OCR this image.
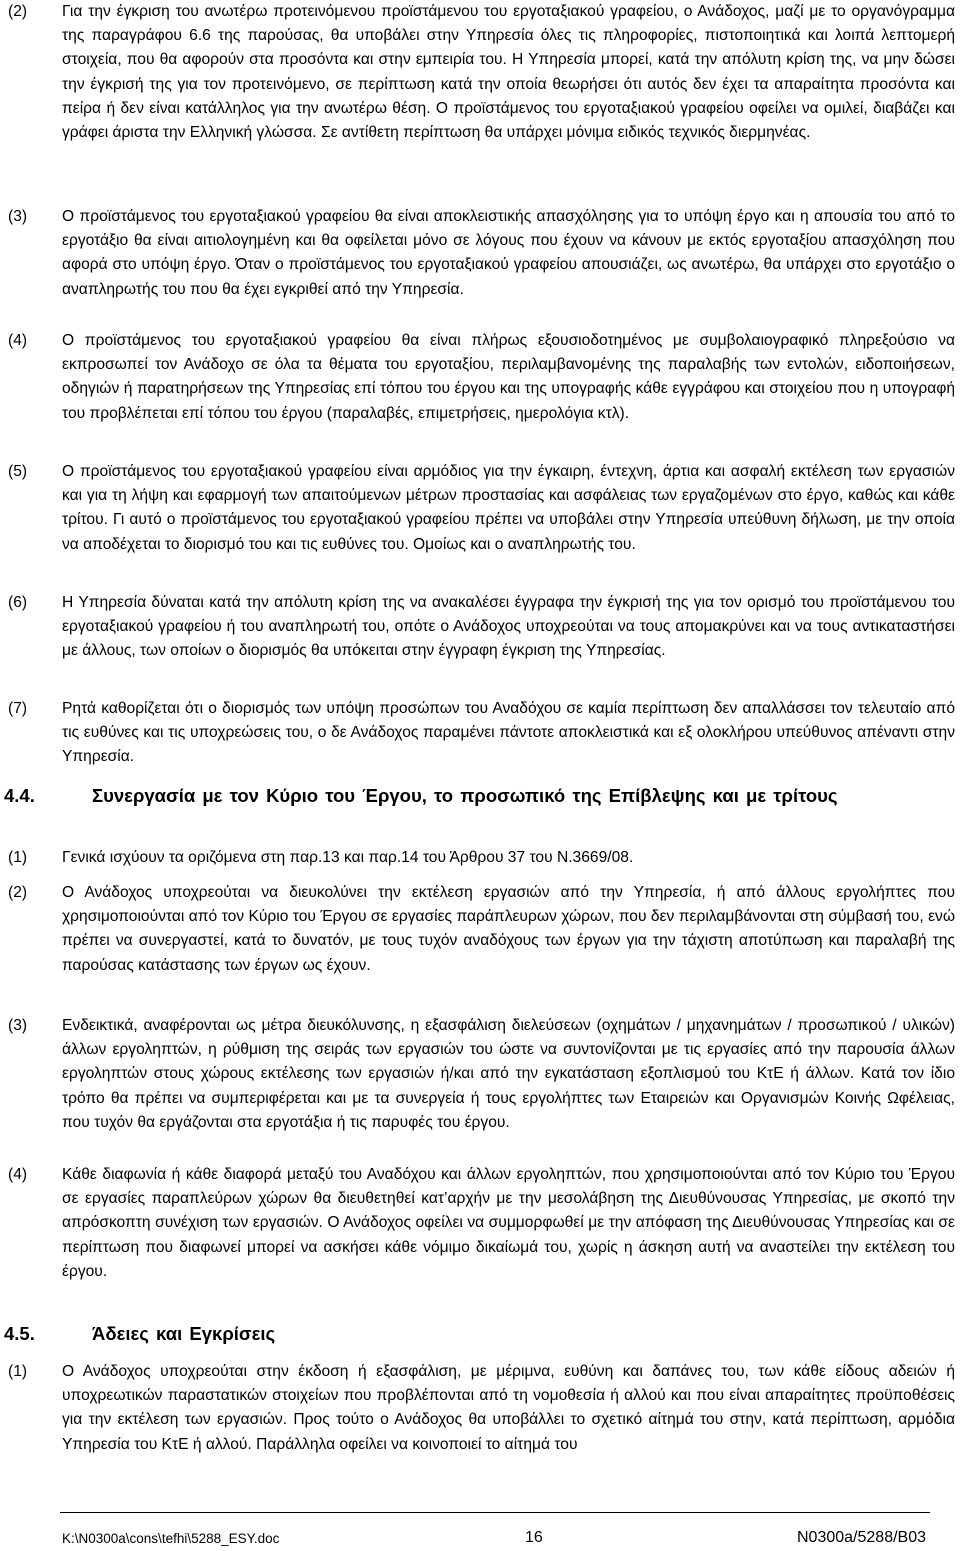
(2) Για την έγκριση του ανωτέρω προτεινόμενου προϊστάμενου του εργοταξιακού γραφείου, ο Ανάδοχος, μαζί με το οργανόγραμμα της παραγράφου 6.6 της παρούσας, θα υποβάλει στην Υπηρεσία όλες τις πληροφορίες, πιστοποιητικά και λοιπά λεπτομερή στοιχεία, που θα αφορούν στα προσόντα και στην εμπειρία του. Η Υπηρεσία μπορεί, κατά την απόλυτη κρίση της, να μην δώσει την έγκρισή της για τον προτεινόμενο, σε περίπτωση κατά την οποία θεωρήσει ότι αυτός δεν έχει τα απαραίτητα προσόντα και πείρα ή δεν είναι κατάλληλος για την ανωτέρω θέση. Ο προϊστάμενος του εργοταξιακού γραφείου οφείλει να ομιλεί, διαβάζει και γράφει άριστα την Ελληνική γλώσσα. Σε αντίθετη περίπτωση θα υπάρχει μόνιμα ειδικός τεχνικός διερμηνέας.
(3) Ο προϊστάμενος του εργοταξιακού γραφείου θα είναι αποκλειστικής απασχόλησης για το υπόψη έργο και η απουσία του από το εργοτάξιο θα είναι αιτιολογημένη και θα οφείλεται μόνο σε λόγους που έχουν να κάνουν με εκτός εργοταξίου απασχόληση που αφορά στο υπόψη έργο. Όταν ο προϊστάμενος του εργοταξιακού γραφείου απουσιάζει, ως ανωτέρω, θα υπάρχει στο εργοτάξιο ο αναπληρωτής του που θα έχει εγκριθεί από την Υπηρεσία.
(4) Ο προϊστάμενος του εργοταξιακού γραφείου θα είναι πλήρως εξουσιοδοτημένος με συμβολαιογραφικό πληρεξούσιο να εκπροσωπεί τον Ανάδοχο σε όλα τα θέματα του εργοταξίου, περιλαμβανομένης της παραλαβής των εντολών, ειδοποιήσεων, οδηγιών ή παρατηρήσεων της Υπηρεσίας επί τόπου του έργου και της υπογραφής κάθε εγγράφου και στοιχείου που η υπογραφή του προβλέπεται επί τόπου του έργου (παραλαβές, επιμετρήσεις, ημερολόγια κτλ).
(5) Ο προϊστάμενος του εργοταξιακού γραφείου είναι αρμόδιος για την έγκαιρη, έντεχνη, άρτια και ασφαλή εκτέλεση των εργασιών και για τη λήψη και εφαρμογή των απαιτούμενων μέτρων προστασίας και ασφάλειας των εργαζομένων στο έργο, καθώς και κάθε τρίτου. Γι αυτό ο προϊστάμενος του εργοταξιακού γραφείου πρέπει να υποβάλει στην Υπηρεσία υπεύθυνη δήλωση, με την οποία να αποδέχεται το διορισμό του και τις ευθύνες του. Ομοίως και ο αναπληρωτής του.
(6) Η Υπηρεσία δύναται κατά την απόλυτη κρίση της να ανακαλέσει έγγραφα την έγκρισή της για τον ορισμό του προϊστάμενου του εργοταξιακού γραφείου ή του αναπληρωτή του, οπότε ο Ανάδοχος υποχρεούται να τους απομακρύνει και να τους αντικαταστήσει με άλλους, των οποίων ο διορισμός θα υπόκειται στην έγγραφη έγκριση της Υπηρεσίας.
(7) Ρητά καθορίζεται ότι ο διορισμός των υπόψη προσώπων του Αναδόχου σε καμία περίπτωση δεν απαλλάσσει τον τελευταίο από τις ευθύνες και τις υποχρεώσεις του, ο δε Ανάδοχος παραμένει πάντοτε αποκλειστικά και εξ ολοκλήρου υπεύθυνος απέναντι στην Υπηρεσία.
4.4.	Συνεργασία με τον Κύριο του Έργου, το προσωπικό της Επίβλεψης και με τρίτους
(1) Γενικά ισχύουν τα οριζόμενα στη παρ.13 και παρ.14 του Άρθρου 37 του Ν.3669/08.
(2) Ο Ανάδοχος υποχρεούται να διευκολύνει την εκτέλεση εργασιών από την Υπηρεσία, ή από άλλους εργολήπτες που χρησιμοποιούνται από τον Κύριο του Έργου σε εργασίες παράπλευρων χώρων, που δεν περιλαμβάνονται στη σύμβασή του, ενώ πρέπει να συνεργαστεί, κατά το δυνατόν, με τους τυχόν αναδόχους των έργων για την τάχιστη αποτύπωση και παραλαβή της παρούσας κατάστασης των έργων ως έχουν.
(3) Ενδεικτικά, αναφέρονται ως μέτρα διευκόλυνσης, η εξασφάλιση διελεύσεων (οχημάτων / μηχανημάτων / προσωπικού / υλικών) άλλων εργοληπτών, η ρύθμιση της σειράς των εργασιών του ώστε να συντονίζονται με τις εργασίες από την παρουσία άλλων εργοληπτών στους χώρους εκτέλεσης των εργασιών ή/και από την εγκατάσταση εξοπλισμού του ΚτΕ ή άλλων. Κατά τον ίδιο τρόπο θα πρέπει να συμπεριφέρεται και με τα συνεργεία ή τους εργολήπτες των Εταιρειών και Οργανισμών Κοινής Ωφέλειας, που τυχόν θα εργάζονται στα εργοτάξια ή τις παρυφές του έργου.
(4) Κάθε διαφωνία ή κάθε διαφορά μεταξύ του Αναδόχου και άλλων εργοληπτών, που χρησιμοποιούνται από τον Κύριο του Έργου σε εργασίες παραπλεύρων χώρων θα διευθετηθεί κατ’αρχήν με την μεσολάβηση της Διευθύνουσας Υπηρεσίας, με σκοπό την απρόσκοπτη συνέχιση των εργασιών. Ο Ανάδοχος οφείλει να συμμορφωθεί με την απόφαση της Διευθύνουσας Υπηρεσίας και σε περίπτωση που διαφωνεί μπορεί να ασκήσει κάθε νόμιμο δικαίωμά του, χωρίς η άσκηση αυτή να αναστείλει την εκτέλεση του έργου.
4.5.	Άδειες και Εγκρίσεις
(1) Ο Ανάδοχος υποχρεούται στην έκδοση ή εξασφάλιση, με μέριμνα, ευθύνη και δαπάνες του, των κάθε είδους αδειών ή υποχρεωτικών παραστατικών στοιχείων που προβλέπονται από τη νομοθεσία ή αλλού και που είναι απαραίτητες προϋποθέσεις για την εκτέλεση των εργασιών. Προς τούτο ο Ανάδοχος θα υποβάλλει το σχετικό αίτημά του στην, κατά περίπτωση, αρμόδια Υπηρεσία του ΚτΕ ή αλλού. Παράλληλα οφείλει να κοινοποιεί το αίτημά του
K:\N0300a\cons\tefhi\5288_ESY.doc	16	N0300a/5288/B03
